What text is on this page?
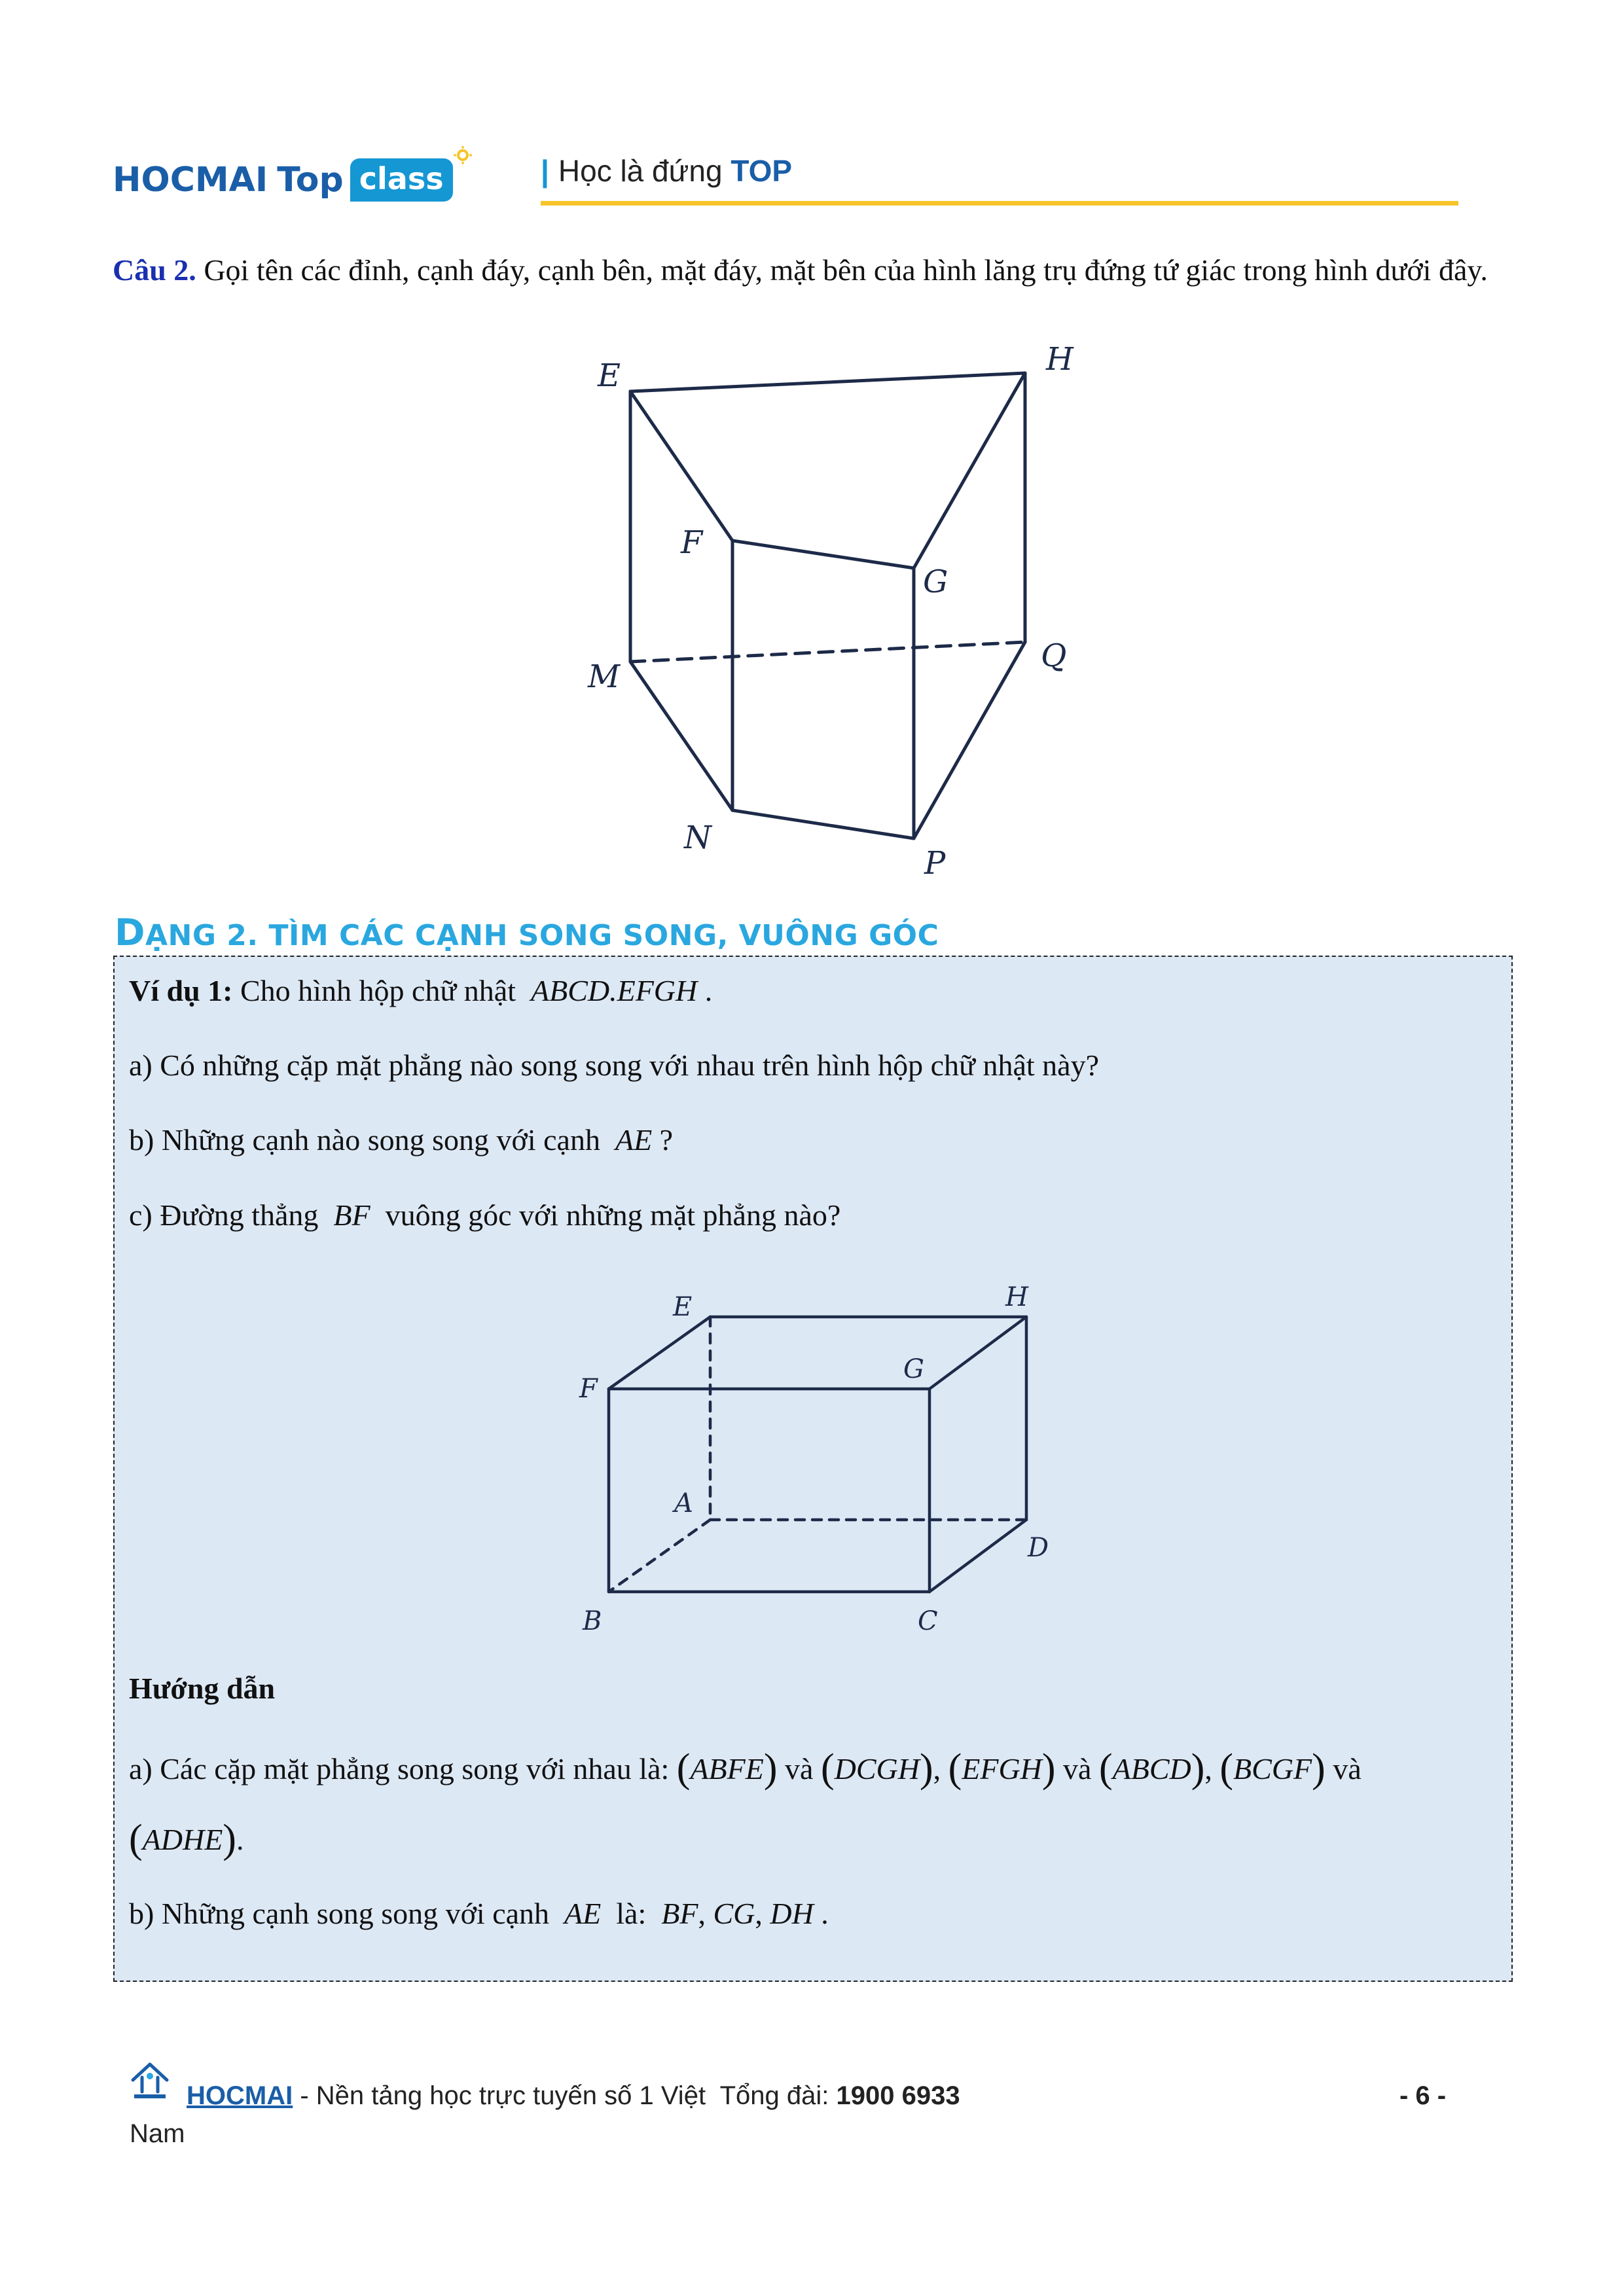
HOCMAI Top class	| Học là đứng TOP
Câu 2. Gọi tên các đỉnh, cạnh đáy, cạnh bên, mặt đáy, mặt bên của hình lăng trụ đứng tứ giác trong hình dưới đây.
E	H
F
G
M
Q
N
P
DẠNG 2. TÌM CÁC CẠNH SONG SONG, VUÔNG GÓC
Ví dụ 1: Cho hình hộp chữ nhật ABCD.EFGH .
a) Có những cặp mặt phẳng nào song song với nhau trên hình hộp chữ nhật này?
b) Những cạnh nào song song với cạnh AE ?
c) Đường thẳng BF vuông góc với những mặt phẳng nào?
Hướng dẫn
a) Các cặp mặt phẳng song song với nhau là: (ABFE) và (DCGH), (EFGH) và (ABCD), (BCGF) và
(ADHE).
b) Những cạnh song song với cạnh AE là: BF, CG, DH .
E	H
F
G
A
D
B	C
HOCMAI - Nền tảng học trực tuyến số 1 Việt Tổng đài: 1900 6933	- 6 -
Nam
